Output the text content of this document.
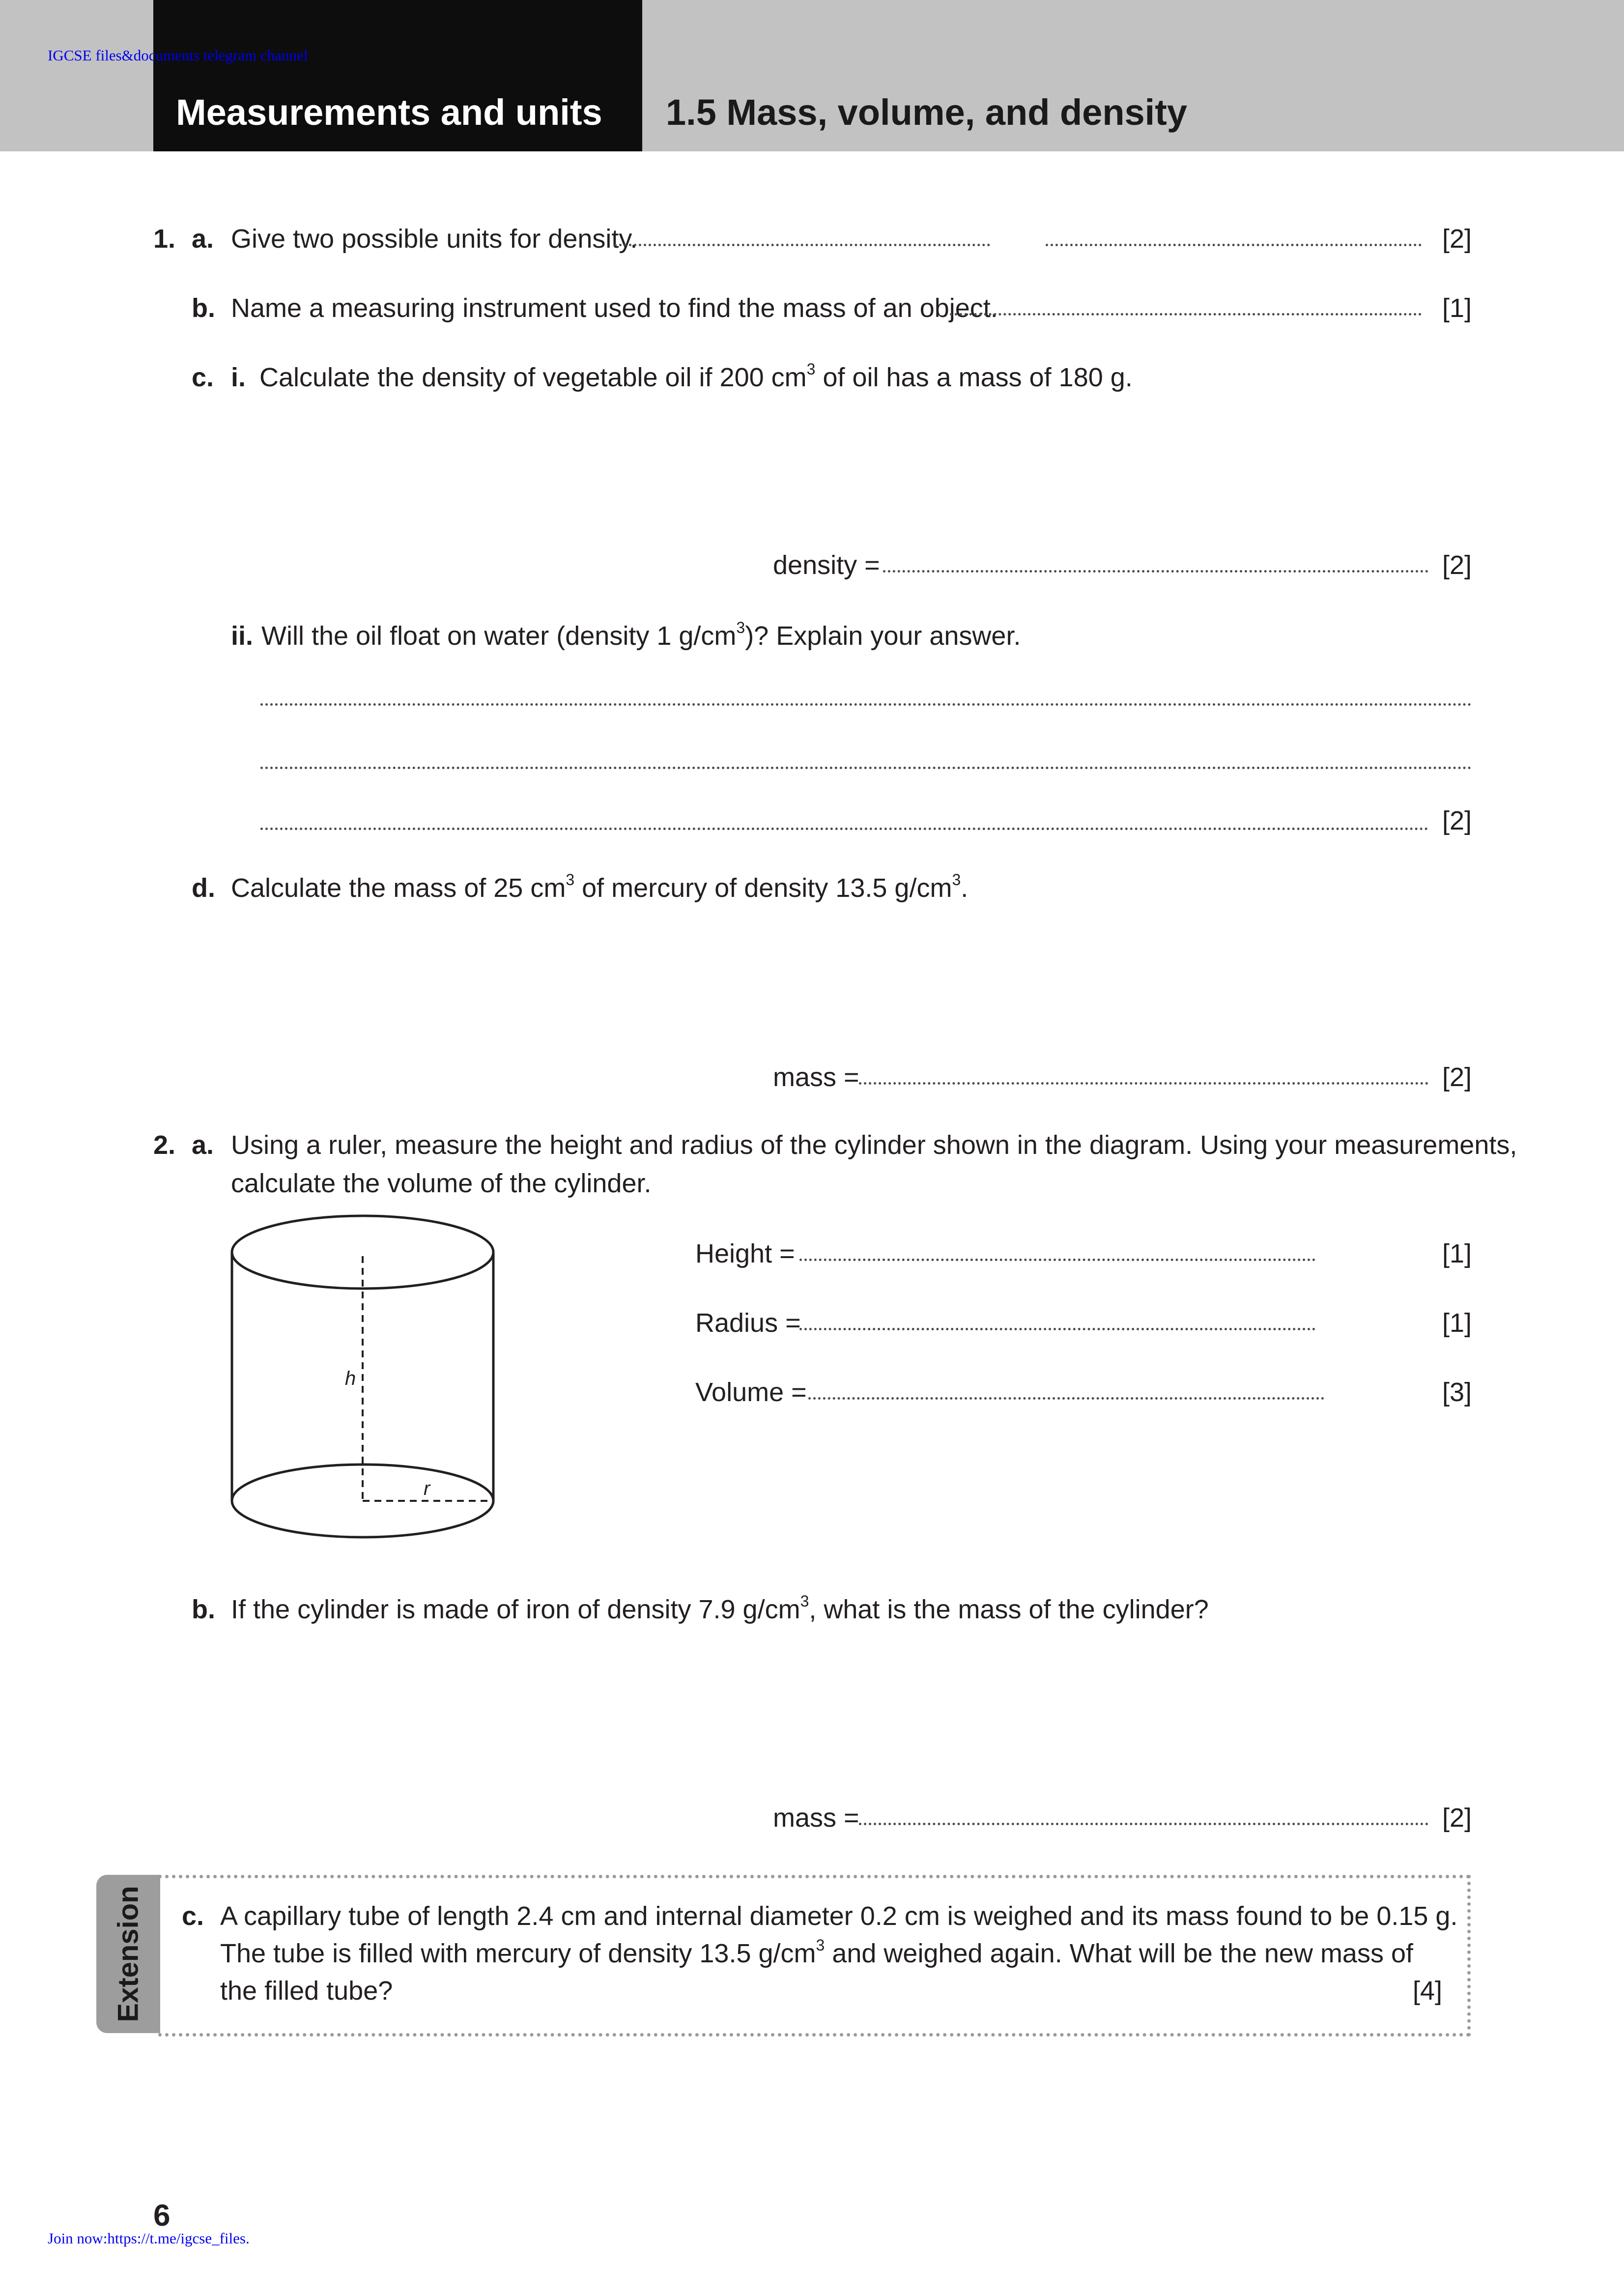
IGCSE files&documents telegram channel
Measurements and units 1.5 Mass, volume, and density
1. a. Give two possible units for density.	[2]
b. Name a measuring instrument used to find the mass of an object.	[1]
c. i. Calculate the density of vegetable oil if 200 $cm^3$ of oil has a mass of 180 g.
density =	[2]
ii. Will the oil float on water (density 1 $g/cm^3$)? Explain your answer.
[2]
d. Calculate the mass of 25 $cm^3$ of mercury of density 13.5 $g/cm^3$.
mass =	[2]
2. a. Using a ruler, measure the height and radius of the cylinder shown in the diagram. Using your measurements,
calculate the volume of the cylinder.
h
r
Height =	[1]
Radius =	[1]
Volume =	[3]
b. If the cylinder is made of iron of density 7.9 $g/cm^3$, what is the mass of the cylinder?
mass =	[2]
Extension c. A capillary tube of length 2.4 cm and internal diameter 0.2 cm is weighed and its mass found to be 0.15 g.
The tube is filled with mercury of density 13.5 $g/cm^3$ and weighed again. What will be the new mass of
the filled tube?	[4]
6
Join now:https://t.me/igcse_files.
